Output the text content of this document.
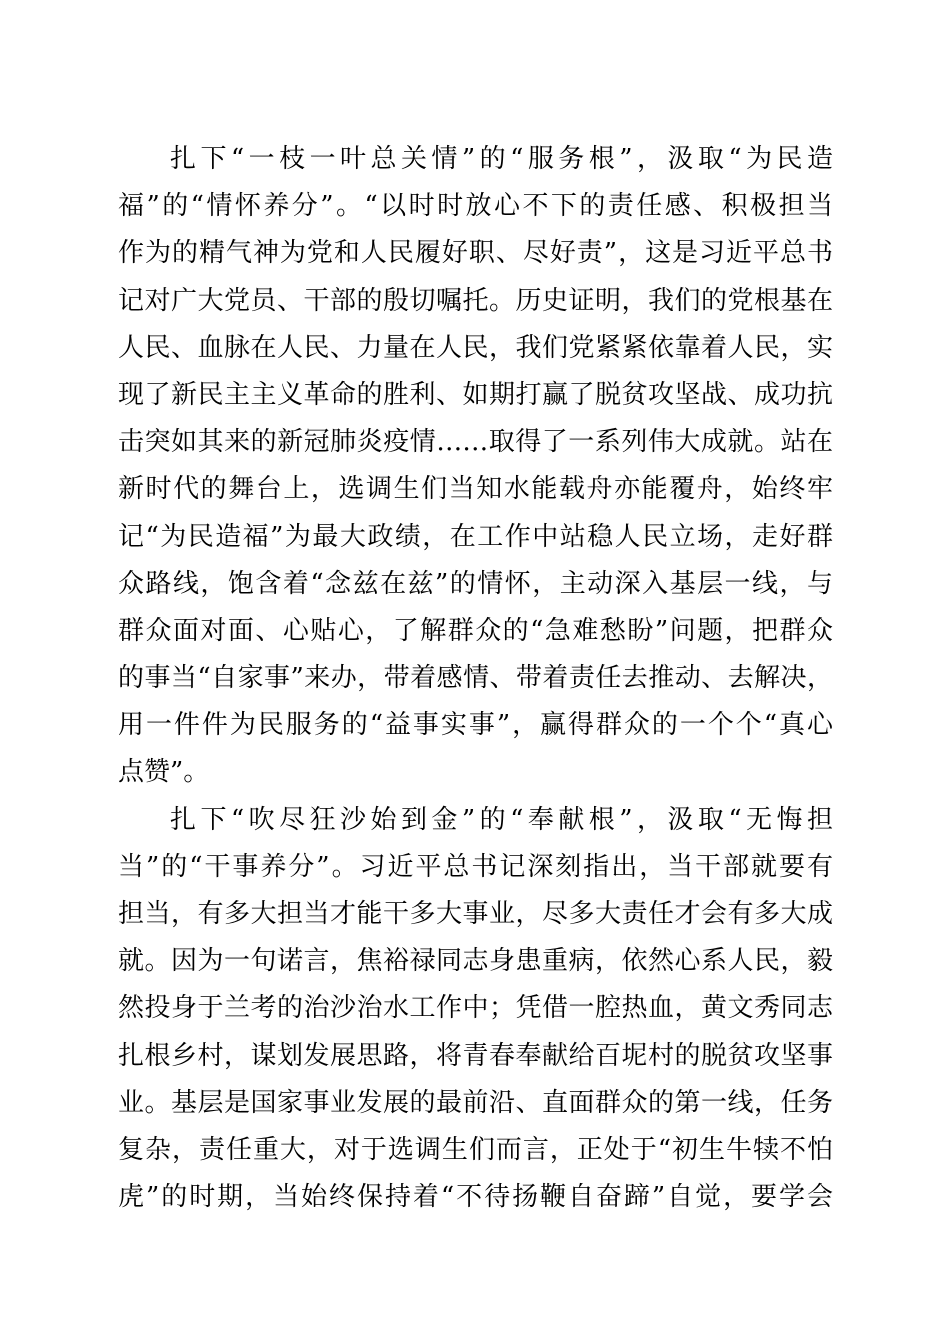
扎下“一枝一叶总关情”的“服务根”，汲取“为民造
福”的“情怀养分”。“以时时放心不下的责任感、积极担当
作为的精气神为党和人民履好职、尽好责”，这是习近平总书
记对广大党员、干部的殷切嘱托。历史证明，我们的党根基在
人民、血脉在人民、力量在人民，我们党紧紧依靠着人民，实
现了新民主主义革命的胜利、如期打赢了脱贫攻坚战、成功抗
击突如其来的新冠肺炎疫情……取得了一系列伟大成就。站在
新时代的舞台上，选调生们当知水能载舟亦能覆舟，始终牢
记“为民造福”为最大政绩，在工作中站稳人民立场，走好群
众路线，饱含着“念兹在兹”的情怀，主动深入基层一线，与
群众面对面、心贴心，了解群众的“急难愁盼”问题，把群众
的事当“自家事”来办，带着感情、带着责任去推动、去解决，
用一件件为民服务的“益事实事”，赢得群众的一个个“真心
点赞”。
扎下“吹尽狂沙始到金”的“奉献根”，汲取“无悔担
当”的“干事养分”。习近平总书记深刻指出，当干部就要有
担当，有多大担当才能干多大事业，尽多大责任才会有多大成
就。因为一句诺言，焦裕禄同志身患重病，依然心系人民，毅
然投身于兰考的治沙治水工作中；凭借一腔热血，黄文秀同志
扎根乡村，谋划发展思路，将青春奉献给百坭村的脱贫攻坚事
业。基层是国家事业发展的最前沿、直面群众的第一线，任务
复杂，责任重大，对于选调生们而言，正处于“初生牛犊不怕
虎”的时期，当始终保持着“不待扬鞭自奋蹄”自觉，要学会
